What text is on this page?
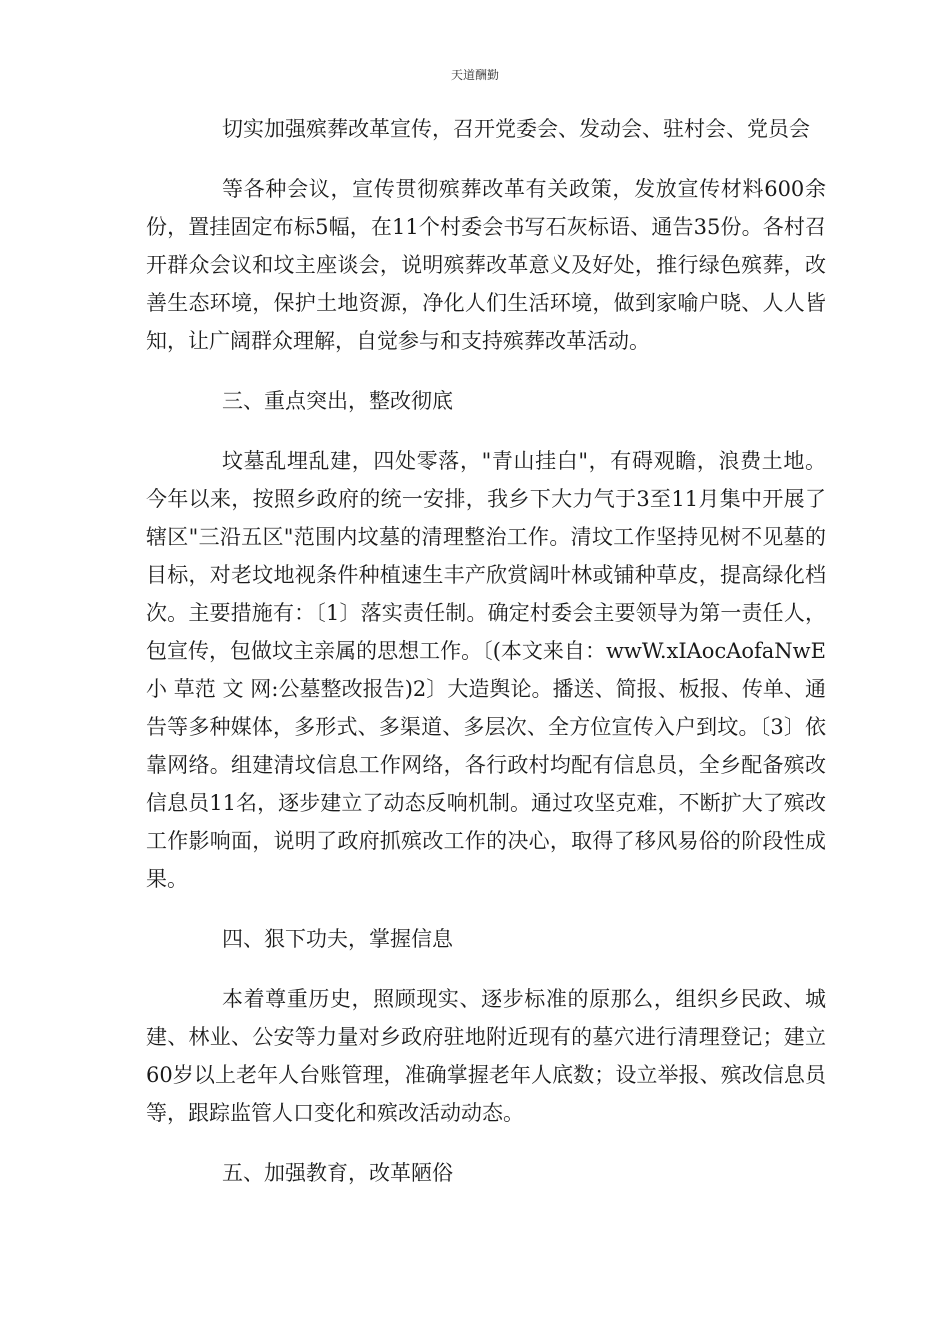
天道酬勤

切实加强殡葬改革宣传，召开党委会、发动会、驻村会、党员会

等各种会议，宣传贯彻殡葬改革有关政策，发放宣传材料600余份，置挂固定布标5幅，在11个村委会书写石灰标语、通告35份。各村召开群众会议和坟主座谈会，说明殡葬改革意义及好处，推行绿色殡葬，改善生态环境，保护土地资源，净化人们生活环境，做到家喻户晓、人人皆知，让广阔群众理解，自觉参与和支持殡葬改革活动。

三、重点突出，整改彻底

坟墓乱埋乱建，四处零落，"青山挂白"，有碍观瞻，浪费土地。今年以来，按照乡政府的统一安排，我乡下大力气于3至11月集中开展了辖区"三沿五区"范围内坟墓的清理整治工作。清坟工作坚持见树不见墓的目标，对老坟地视条件种植速生丰产欣赏阔叶林或铺种草皮，提高绿化档次。主要措施有：〔1〕落实责任制。确定村委会主要领导为第一责任人，包宣传，包做坟主亲属的思想工作。〔(本文来自：wwW.xIAocAofaNwE 小 草范 文 网:公墓整改报告)2〕大造舆论。播送、简报、板报、传单、通告等多种媒体，多形式、多渠道、多层次、全方位宣传入户到坟。〔3〕依靠网络。组建清坟信息工作网络，各行政村均配有信息员，全乡配备殡改信息员11名，逐步建立了动态反响机制。通过攻坚克难，不断扩大了殡改工作影响面，说明了政府抓殡改工作的决心，取得了移风易俗的阶段性成果。

四、狠下功夫，掌握信息

本着尊重历史，照顾现实、逐步标准的原那么，组织乡民政、城建、林业、公安等力量对乡政府驻地附近现有的墓穴进行清理登记；建立60岁以上老年人台账管理，准确掌握老年人底数；设立举报、殡改信息员等，跟踪监管人口变化和殡改活动动态。

五、加强教育，改革陋俗
